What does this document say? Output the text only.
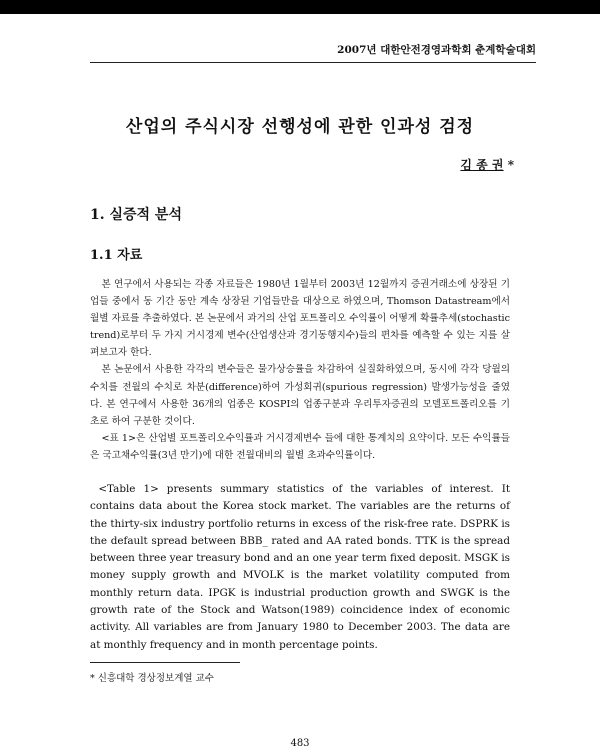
2007년 대한안전경영과학회 춘계학술대회
산업의 주식시장 선행성에 관한 인과성 검정
김 종 권 *
1. 실증적 분석
1.1 자료

본 연구에서 사용되는 각종 자료들은 1980년 1월부터 2003년 12월까지 증권거래소에 상장된 기업들 중에서 동 기간 동안 계속 상장된 기업들만을 대상으로 하였으며, Thomson Datastream에서 월별 자료를 추출하였다. 본 논문에서 과거의 산업 포트폴리오 수익률이 어떻게 확률추세(stochastic trend)로부터 두 가지 거시경제 변수(산업생산과 경기동행지수)들의 편차를 예측할 수 있는 지를 살펴보고자 한다.

본 논문에서 사용한 각각의 변수들은 물가상승률을 차감하여 실질화하였으며, 동시에 각각 당월의 수치를 전월의 수치로 차분(difference)하여 가성회귀(spurious regression) 발생가능성을 줄였다. 본 연구에서 사용한 36개의 업종은 KOSPI의 업종구분과 우리투자증권의 모델포트폴리오를 기초로 하여 구분한 것이다.

<표 1>은 산업별 포트폴리오수익률과 거시경제변수 들에 대한 통계치의 요약이다. 모든 수익률들은 국고채수익률(3년 만기)에 대한 전월대비의 월별 초과수익률이다.

<Table 1> presents summary statistics of the variables of interest. It contains data about the Korea stock market. The variables are the returns of the thirty-six industry portfolio returns in excess of the risk-free rate. DSPRK is the default spread between BBB_ rated and AA rated bonds. TTK is the spread between three year treasury bond and an one year term fixed deposit. MSGK is money supply growth and MVOLK is the market volatility computed from monthly return data. IPGK is industrial production growth and SWGK is the growth rate of the Stock and Watson(1989) coincidence index of economic activity. All variables are from January 1980 to December 2003. The data are at monthly frequency and in month percentage points.

* 신흥대학 경상정보계열 교수
483
